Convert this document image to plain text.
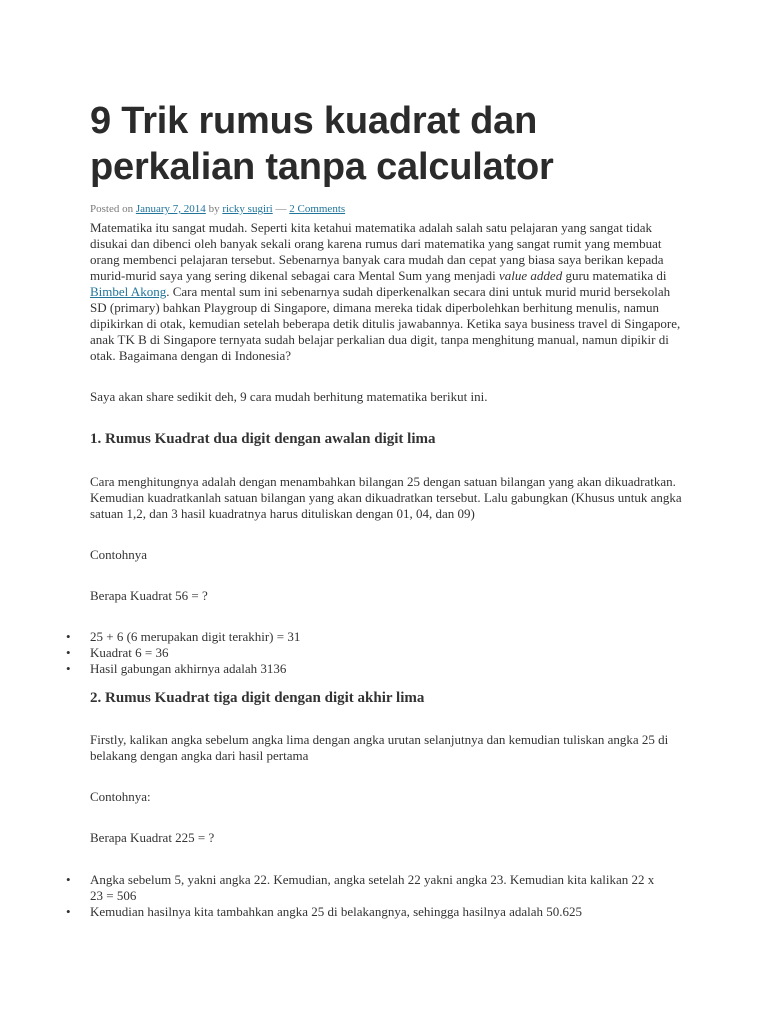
9 Trik rumus kuadrat dan perkalian tanpa calculator
Posted on January 7, 2014 by ricky sugiri — 2 Comments

Matematika itu sangat mudah. Seperti kita ketahui matematika adalah salah satu pelajaran yang sangat tidak disukai dan dibenci oleh banyak sekali orang karena rumus dari matematika yang sangat rumit yang membuat orang membenci pelajaran tersebut. Sebenarnya banyak cara mudah dan cepat yang biasa saya berikan kepada murid-murid saya yang sering dikenal sebagai cara Mental Sum yang menjadi value added guru matematika di Bimbel Akong. Cara mental sum ini sebenarnya sudah diperkenalkan secara dini untuk murid murid bersekolah SD (primary) bahkan Playgroup di Singapore, dimana mereka tidak diperbolehkan berhitung menulis, namun dipikirkan di otak, kemudian setelah beberapa detik ditulis jawabannya. Ketika saya business travel di Singapore, anak TK B di Singapore ternyata sudah belajar perkalian dua digit, tanpa menghitung manual, namun dipikir di otak. Bagaimana dengan di Indonesia?

Saya akan share sedikit deh, 9 cara mudah berhitung matematika berikut ini.

1. Rumus Kuadrat dua digit dengan awalan digit lima

Cara menghitungnya adalah dengan menambahkan bilangan 25 dengan satuan bilangan yang akan dikuadratkan. Kemudian kuadratkanlah satuan bilangan yang akan dikuadratkan tersebut. Lalu gabungkan (Khusus untuk angka satuan 1,2, dan 3 hasil kuadratnya harus dituliskan dengan 01, 04, dan 09)

Contohnya

Berapa Kuadrat 56 = ?

• 25 + 6 (6 merupakan digit terakhir) = 31
• Kuadrat 6 = 36
• Hasil gabungan akhirnya adalah 3136
2. Rumus Kuadrat tiga digit dengan digit akhir lima

Firstly, kalikan angka sebelum angka lima dengan angka urutan selanjutnya dan kemudian tuliskan angka 25 di belakang dengan angka dari hasil pertama

Contohnya:

Berapa Kuadrat 225 = ?

• Angka sebelum 5, yakni angka 22. Kemudian, angka setelah 22 yakni angka 23. Kemudian kita kalikan 22 x 23 = 506
• Kemudian hasilnya kita tambahkan angka 25 di belakangnya, sehingga hasilnya adalah 50.625
